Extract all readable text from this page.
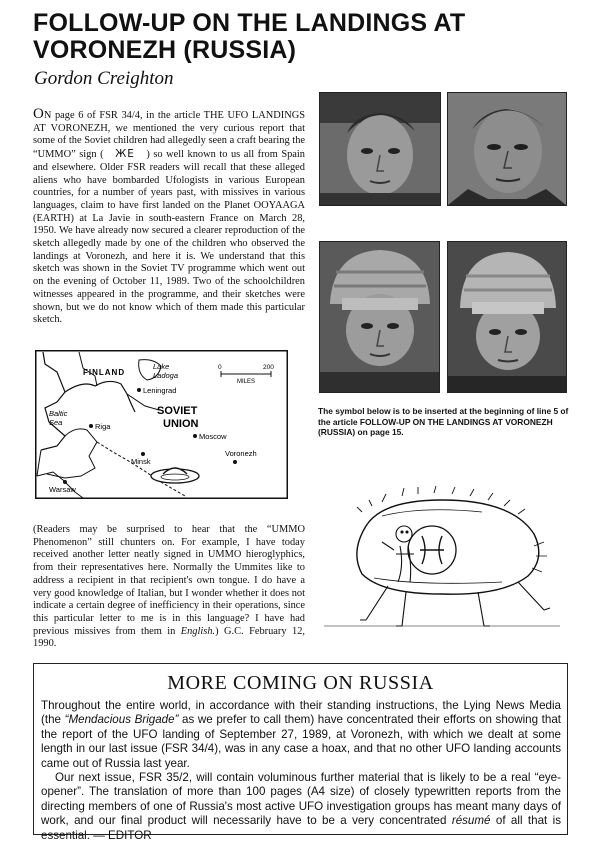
FOLLOW-UP ON THE LANDINGS AT VORONEZH (RUSSIA)
Gordon Creighton
ON page 6 of FSR 34/4, in the article THE UFO LANDINGS AT VORONEZH, we mentioned the very curious report that some of the Soviet children had allegedly seen a craft bearing the “UMMO” sign ( ЖE ) so well known to us all from Spain and elsewhere. Older FSR readers will recall that these alleged aliens who have bombarded Ufologists in various European countries, for a number of years past, with missives in various languages, claim to have first landed on the Planet OOYAAGA (EARTH) at La Javie in south-eastern France on March 28, 1950. We have already now secured a clearer reproduction of the sketch allegedly made by one of the children who observed the landings at Voronezh, and here it is. We understand that this sketch was shown in the Soviet TV programme which went out on the evening of October 11, 1989. Two of the schoolchildren witnesses appeared in the programme, and their sketches were shown, but we do not know which of them made this particular sketch.
The symbol below is to be inserted at the beginning of line 5 of the article FOLLOW-UP ON THE LANDINGS AT VORONEZH (RUSSIA) on page 15.
FINLAND
Lake
Ladoga
Leningrad
Baltic
Sea	Riga
SOVIET
UNION
Moscow
Minsk
Voronezh
Warsaw
0	200
MILES
(Readers may be surprised to hear that the “UMMO Phenomenon” still chunters on. For example, I have today received another letter neatly signed in UMMO hieroglyphics, from their representatives here. Normally the Ummites like to address a recipient in that recipient's own tongue. I do have a very good knowledge of Italian, but I wonder whether it does not indicate a certain degree of inefficiency in their operations, since this particular letter to me is in this language? I have had previous missives from them in English.) G.C. February 12, 1990.
MORE COMING ON RUSSIA

Throughout the entire world, in accordance with their standing instructions, the Lying News Media (the “Mendacious Brigade” as we prefer to call them) have concentrated their efforts on showing that the report of the UFO landing of September 27, 1989, at Voronezh, with which we dealt at some length in our last issue (FSR 34/4), was in any case a hoax, and that no other UFO landing accounts came out of Russia last year.

Our next issue, FSR 35/2, will contain voluminous further material that is likely to be a real “eye-opener”. The translation of more than 100 pages (A4 size) of closely typewritten reports from the directing members of one of Russia's most active UFO investigation groups has meant many days of work, and our final product will necessarily have to be a very concentrated résumé of all that is essential. — EDITOR
